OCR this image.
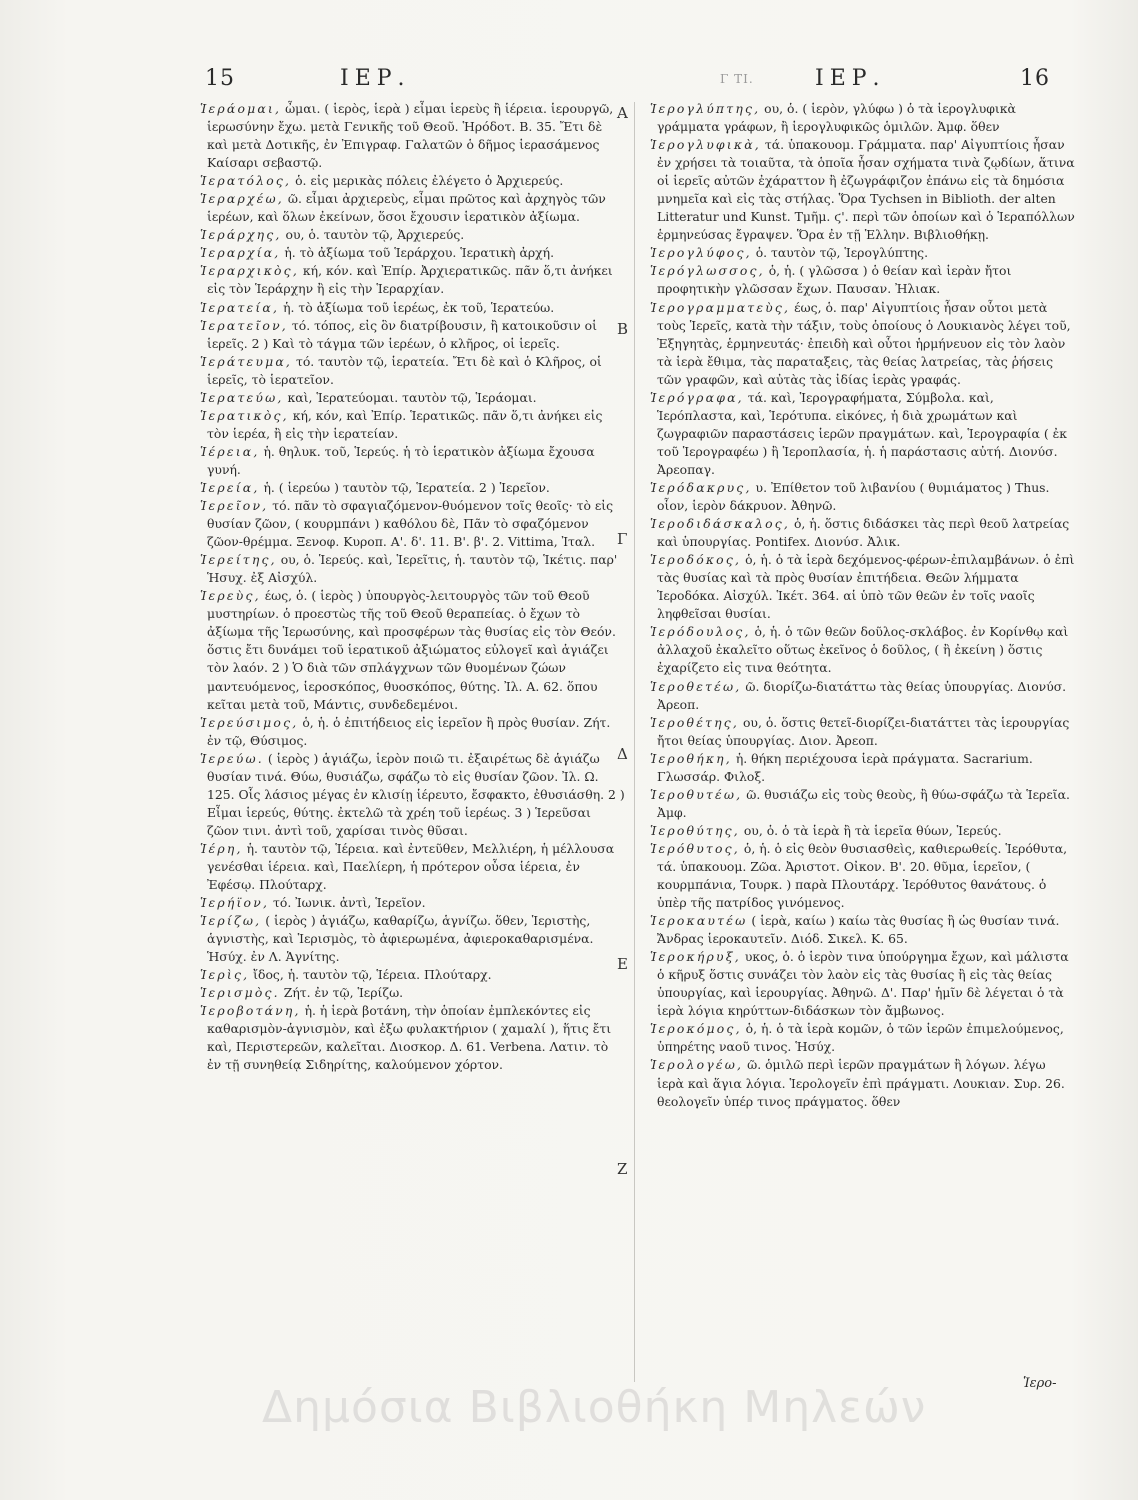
15	ΙΕΡ.	Γ ΤΙ.	ΙΕΡ.	16
Ἱεράομαι, ὦμαι. ( ἱερὸς, ἱερὰ ) εἶμαι ἱερεὺς ἢ ἱέρεια. ἱερουργῶ, ἱερωσύνην ἔχω. μετὰ Γενικῆς τοῦ Θεοῦ. Ἡρόδοτ. Β. 35. Ἔτι δὲ καὶ μετὰ Δοτικῆς, ἐν Ἐπιγραφ. Γαλατῶν ὁ δῆμος ἱερασάμενος Καίσαρι σεβαστῷ.
Ἱερατόλος, ὁ. εἰς μερικὰς πόλεις ἐλέγετο ὁ Ἀρχιερεύς.
Ἱεραρχέω, ῶ. εἶμαι ἀρχιερεὺς, εἶμαι πρῶτος καὶ ἀρχηγὸς τῶν ἱερέων, καὶ ὅλων ἐκείνων, ὅσοι ἔχουσιν ἱερατικὸν ἀξίωμα.
Ἱεράρχης, ου, ὁ. ταυτὸν τῷ, Ἀρχιερεύς.
Ἱεραρχία, ἡ. τὸ ἀξίωμα τοῦ Ἱεράρχου. Ἱερατικὴ ἀρχή.
Ἱεραρχικὸς, κή, κόν. καὶ Ἐπίρ. Ἀρχιερατικῶς. πᾶν ὅ,τι ἀνήκει εἰς τὸν Ἱεράρχην ἢ εἰς τὴν Ἱεραρχίαν.
Ἱερατεία, ἡ. τὸ ἀξίωμα τοῦ ἱερέως, ἐκ τοῦ, Ἱερατεύω.
Ἱερατεῖον, τό. τόπος, εἰς ὃν διατρίβουσιν, ἢ κατοικοῦσιν οἱ ἱερεῖς. 2 ) Καὶ τὸ τάγμα τῶν ἱερέων, ὁ κλῆρος, οἱ ἱερεῖς.
Ἱεράτευμα, τό. ταυτὸν τῷ, ἱερατεία. Ἔτι δὲ καὶ ὁ Κλῆρος, οἱ ἱερεῖς, τὸ ἱερατεῖον.
Ἱερατεύω, καὶ, Ἱερατεύομαι. ταυτὸν τῷ, Ἱεράομαι.
Ἱερατικὸς, κή, κόν, καὶ Ἐπίρ. Ἱερατικῶς. πᾶν ὅ,τι ἀνήκει εἰς τὸν ἱερέα, ἢ εἰς τὴν ἱερατείαν.
Ἱέρεια, ἡ. θηλυκ. τοῦ, Ἱερεύς. ἡ τὸ ἱερατικὸν ἀξίωμα ἔχουσα γυνή.
Ἱερεία, ἡ. ( ἱερεύω ) ταυτὸν τῷ, Ἱερατεία. 2 ) Ἱερεῖον.
Ἱερεῖον, τό. πᾶν τὸ σφαγιαζόμενον-θυόμενον τοῖς θεοῖς· τὸ εἰς θυσίαν ζῶον, ( κουρμπάνι ) καθόλου δὲ, Πᾶν τὸ σφαζόμενον ζῶον-θρέμμα. Ξενοφ. Κυροπ. Α'. δ'. 11. Β'. β'. 2. Vittima, Ἰταλ.
Ἱερείτης, ου, ὁ. Ἱερεύς. καὶ, Ἱερεῖτις, ἡ. ταυτὸν τῷ, Ἱκέτις. παρ' Ἡσυχ. ἐξ Αἰσχύλ.
Ἱερεὺς, έως, ὁ. ( ἱερὸς ) ὑπουργὸς-λειτουργὸς τῶν τοῦ Θεοῦ μυστηρίων. ὁ προεστὼς τῆς τοῦ Θεοῦ θεραπείας. ὁ ἔχων τὸ ἀξίωμα τῆς Ἱερωσύνης, καὶ προσφέρων τὰς θυσίας εἰς τὸν Θεόν. ὅστις ἔτι δυνάμει τοῦ ἱερατικοῦ ἀξιώματος εὐλογεῖ καὶ ἁγιάζει τὸν λαόν. 2 ) Ὁ διὰ τῶν σπλάγχνων τῶν θυομένων ζώων μαντευόμενος, ἱεροσκόπος, θυοσκόπος, θύτης. Ἰλ. Α. 62. ὅπου κεῖται μετὰ τοῦ, Μάντις, συνδεδεμένοι.
Ἱερεύσιμος, ὁ, ἡ. ὁ ἐπιτήδειος εἰς ἱερεῖον ἢ πρὸς θυσίαν. Ζήτ. ἐν τῷ, Θύσιμος.
Ἱερεύω. ( ἱερὸς ) ἁγιάζω, ἱερὸν ποιῶ τι. ἐξαιρέτως δὲ ἁγιάζω θυσίαν τινά. Θύω, θυσιάζω, σφάζω τὸ εἰς θυσίαν ζῶον. Ἰλ. Ω. 125. Οἷς λάσιος μέγας ἐν κλισίῃ ἱέρευτο, ἔσφακτο, ἐθυσιάσθη. 2 ) Εἶμαι ἱερεύς, θύτης. ἐκτελῶ τὰ χρέη τοῦ ἱερέως. 3 ) Ἱερεῦσαι ζῶον τινι. ἀντὶ τοῦ, χαρίσαι τινὸς θῦσαι.
Ἱέρη, ἡ. ταυτὸν τῷ, Ἱέρεια. καὶ ἐντεῦθεν, Μελλιέρη, ἡ μέλλουσα γενέσθαι ἱέρεια. καὶ, Παελίερη, ἡ πρότερον οὖσα ἱέρεια, ἐν Ἐφέσῳ. Πλούταρχ.
Ἱερήϊον, τό. Ἰωνικ. ἀντὶ, Ἱερεῖον.
Ἱερίζω, ( ἱερὸς ) ἁγιάζω, καθαρίζω, ἁγνίζω. ὅθεν, Ἱεριστὴς, ἁγνιστὴς, καὶ Ἱερισμὸς, τὸ ἀφιερωμένα, ἀφιεροκαθαρισμένα. Ἡσύχ. ἐν Λ. Ἁγνίτης.
Ἱερὶς, ἴδος, ἡ. ταυτὸν τῷ, Ἱέρεια. Πλούταρχ.
Ἱερισμὸς. Ζήτ. ἐν τῷ, Ἱερίζω.
Ἱεροβοτάνη, ἡ. ἡ ἱερὰ βοτάνη, τὴν ὁποίαν ἐμπλεκόντες εἰς καθαρισμὸν-ἁγνισμὸν, καὶ ἐξω φυλακτήριον ( χαμαλί ), ἥτις ἔτι καὶ, Περιστερεῶν, καλεῖται. Διοσκορ. Δ. 61. Verbena. Λατιν. τὸ ἐν τῇ συνηθείᾳ Σιδηρίτης, καλούμενον χόρτον.
Ἱερογλύπτης, ου, ὁ. ( ἱερὸν, γλύφω ) ὁ τὰ ἱερογλυφικὰ γράμματα γράφων, ἢ ἱερογλυφικῶς ὁμιλῶν. Ἀμφ. ὅθεν
Ἱερογλυφικὰ, τά. ὑπακουομ. Γράμματα. παρ' Αἰγυπτίοις ἦσαν ἐν χρήσει τὰ τοιαῦτα, τὰ ὁποῖα ἦσαν σχήματα τινὰ ζῳδίων, ἅτινα οἱ ἱερεῖς αὐτῶν ἐχάραττον ἢ ἐζωγράφιζον ἐπάνω εἰς τὰ δημόσια μνημεῖα καὶ εἰς τὰς στήλας. Ὅρα Tychsen in Biblioth. der alten Litteratur und Kunst. Τμῆμ. ϛ'. περὶ τῶν ὁποίων καὶ ὁ Ἱεραπόλλων ἑρμηνεύσας ἔγραψεν. Ὅρα ἐν τῇ Ἑλλην. Βιβλιοθήκῃ.
Ἱερογλύφος, ὁ. ταυτὸν τῷ, Ἱερογλύπτης.
Ἱερόγλωσσος, ὁ, ἡ. ( γλῶσσα ) ὁ θείαν καὶ ἱερὰν ἤτοι προφητικὴν γλῶσσαν ἔχων. Παυσαν. Ἠλιακ.
Ἱερογραμματεὺς, έως, ὁ. παρ' Αἰγυπτίοις ἦσαν οὗτοι μετὰ τοὺς Ἱερεῖς, κατὰ τὴν τάξιν, τοὺς ὁποίους ὁ Λουκιανὸς λέγει τοῦ, Ἐξηγητὰς, ἑρμηνευτάς· ἐπειδὴ καὶ οὗτοι ἡρμήνευον εἰς τὸν λαὸν τὰ ἱερὰ ἔθιμα, τὰς παραταξεις, τὰς θείας λατρείας, τὰς ῥήσεις τῶν γραφῶν, καὶ αὐτὰς τὰς ἰδίας ἱερὰς γραφάς.
Ἱερόγραφα, τά. καὶ, Ἱερογραφήματα, Σύμβολα. καὶ, Ἱερόπλαστα, καὶ, Ἱερότυπα. εἰκόνες, ἡ διὰ χρωμάτων καὶ ζωγραφιῶν παραστάσεις ἱερῶν πραγμάτων. καὶ, Ἱερογραφία ( ἐκ τοῦ Ἱερογραφέω ) ἢ Ἱεροπλασία, ἡ. ἡ παράστασις αὐτή. Διονύσ. Ἀρεοπαγ.
Ἱερόδακρυς, υ. Ἐπίθετον τοῦ λιβανίου ( θυμιάματος ) Thus. οἷον, ἱερὸν δάκρυον. Ἀθηνῶ.
Ἱεροδιδάσκαλος, ὁ, ἡ. ὅστις διδάσκει τὰς περὶ θεοῦ λατρείας καὶ ὑπουργίας. Pontifex. Διονύσ. Ἀλικ.
Ἱεροδόκος, ὁ, ἡ. ὁ τὰ ἱερὰ δεχόμενος-φέρων-ἐπιλαμβάνων. ὁ ἐπὶ τὰς θυσίας καὶ τὰ πρὸς θυσίαν ἐπιτήδεια. Θεῶν λήμματα Ἱεροδόκα. Αἰσχύλ. Ἱκέτ. 364. αἱ ὑπὸ τῶν θεῶν ἐν τοῖς ναοῖς ληφθεῖσαι θυσίαι.
Ἱερόδουλος, ὁ, ἡ. ὁ τῶν θεῶν δοῦλος-σκλάβος. ἐν Κορίνθῳ καὶ ἀλλαχοῦ ἐκαλεῖτο οὕτως ἐκεῖνος ὁ δοῦλος, ( ἢ ἐκείνη ) ὅστις ἐχαρίζετο εἰς τινα θεότητα.
Ἱεροθετέω, ῶ. διορίζω-διατάττω τὰς θείας ὑπουργίας. Διονύσ. Ἀρεοπ.
Ἱεροθέτης, ου, ὁ. ὅστις θετεῖ-διορίζει-διατάττει τὰς ἱερουργίας ἤτοι θείας ὑπουργίας. Διον. Ἀρεοπ.
Ἱεροθήκη, ἡ. θήκη περιέχουσα ἱερὰ πράγματα. Sacrarium. Γλωσσάρ. Φιλοξ.
Ἱεροθυτέω, ῶ. θυσιάζω εἰς τοὺς θεοὺς, ἢ θύω-σφάζω τὰ Ἱερεῖα. Ἀμφ.
Ἱεροθύτης, ου, ὁ. ὁ τὰ ἱερὰ ἢ τὰ ἱερεῖα θύων, Ἱερεύς.
Ἱερόθυτος, ὁ, ἡ. ὁ εἰς θεὸν θυσιασθεὶς, καθιερωθείς. Ἱερόθυτα, τά. ὑπακουομ. Ζῶα. Ἀριστοτ. Οἰκον. Β'. 20. θῦμα, ἱερεῖον, ( κουρμπάνια, Τουρκ. ) παρὰ Πλουτάρχ. Ἱερόθυτος θανάτους. ὁ ὑπὲρ τῆς πατρίδος γινόμενος.
Ἱεροκαυτέω ( ἱερὰ, καίω ) καίω τὰς θυσίας ἢ ὡς θυσίαν τινά. Ἄνδρας ἱεροκαυτεῖν. Διόδ. Σικελ. Κ. 65.
Ἱεροκήρυξ, υκος, ὁ. ὁ ἱερὸν τινα ὑπούργημα ἔχων, καὶ μάλιστα ὁ κῆρυξ ὅστις συνάζει τὸν λαὸν εἰς τὰς θυσίας ἢ εἰς τὰς θείας ὑπουργίας, καὶ ἱερουργίας. Ἀθηνῶ. Δ'. Παρ' ἡμῖν δὲ λέγεται ὁ τὰ ἱερὰ λόγια κηρύττων-διδάσκων τὸν ἄμβωνος.
Ἱεροκόμος, ὁ, ἡ. ὁ τὰ ἱερὰ κομῶν, ὁ τῶν ἱερῶν ἐπιμελούμενος, ὑπηρέτης ναοῦ τινος. Ἡσύχ.
Ἱερολογέω, ῶ. ὁμιλῶ περὶ ἱερῶν πραγμάτων ἢ λόγων. λέγω ἱερὰ καὶ ἅγια λόγια. Ἱερολογεῖν ἐπὶ πράγματι. Λουκιαν. Συρ. 26. θεολογεῖν ὑπέρ τινος πράγματος. ὅθεν
Α
Β
Γ
Δ
Ε
Ζ
Δημόσια Βιβλιοθήκη Μηλεών	Ἱερο-
